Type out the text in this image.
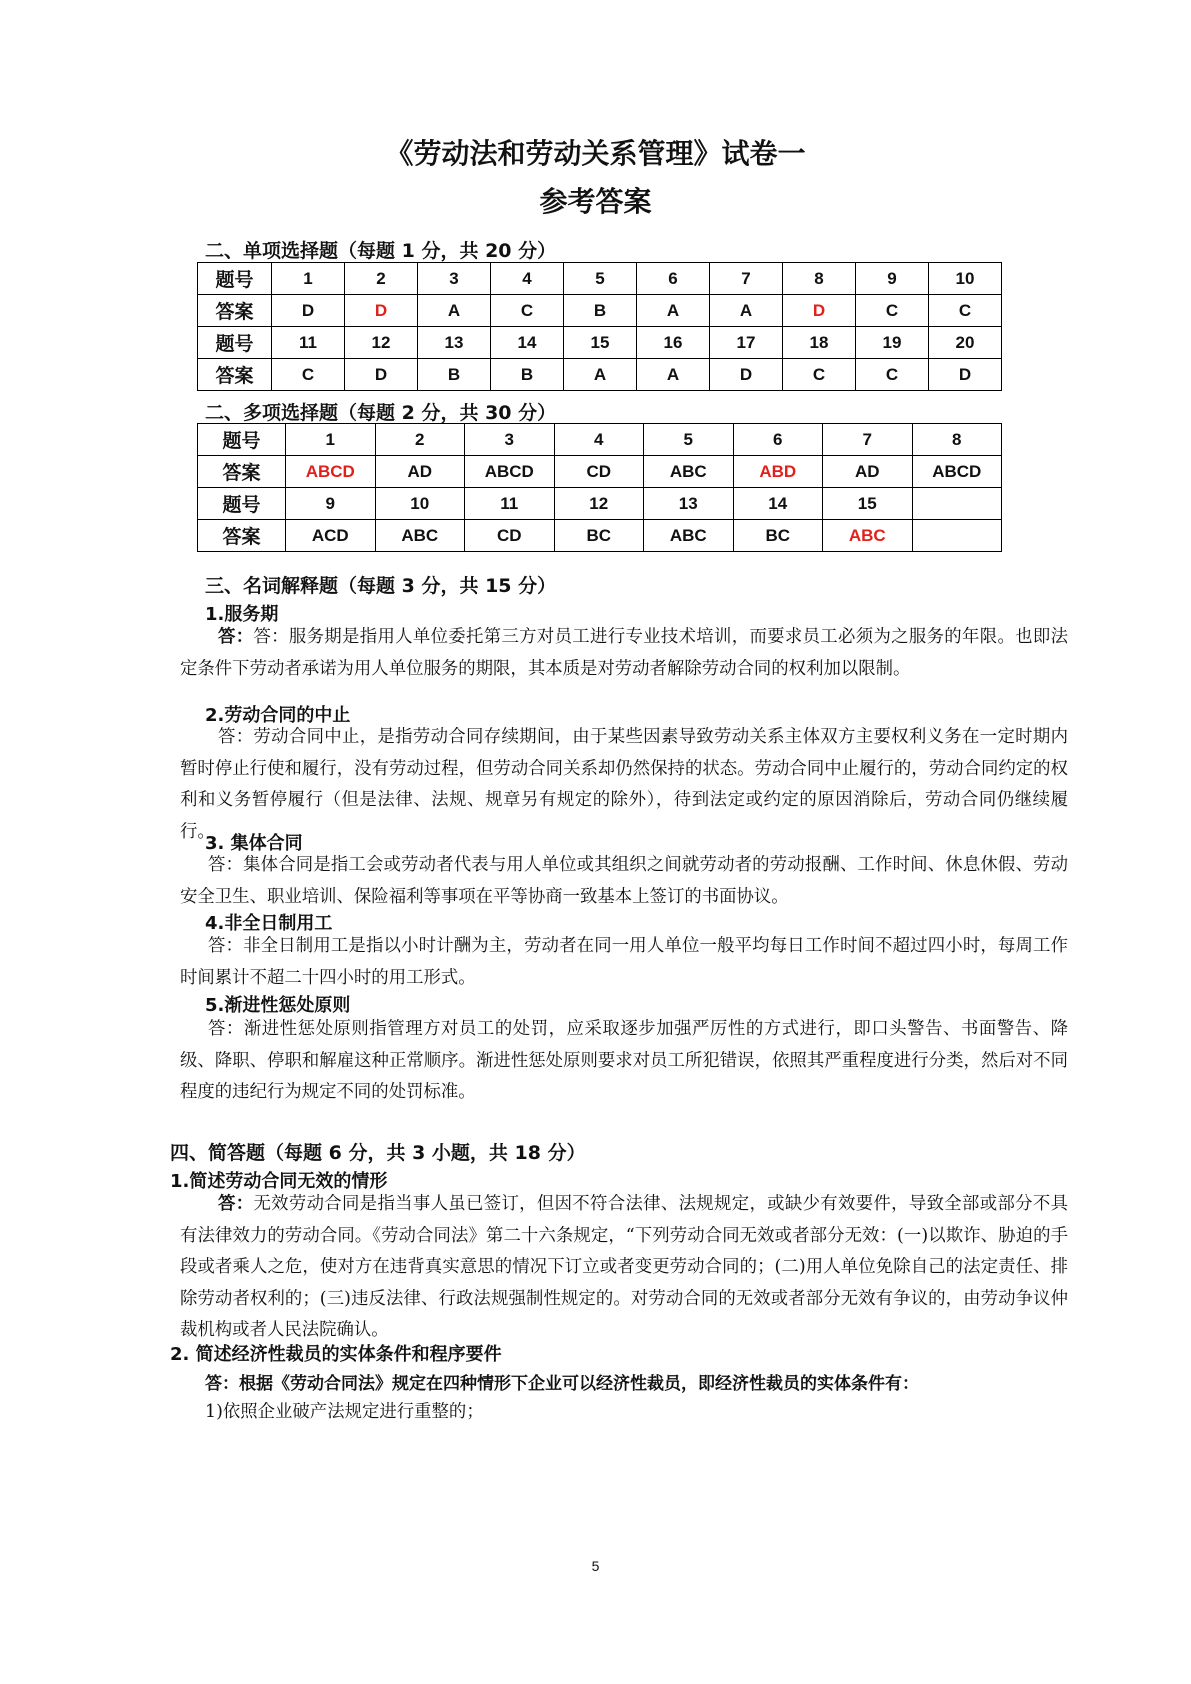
《劳动法和劳动关系管理》试卷一
参考答案
二、单项选择题（每题 1 分，共 20 分）
题号	1	2	3	4	5	6	7	8	9	10
答案	D	D	A	C	B	A	A	D	C	C
题号	11	12	13	14	15	16	17	18	19	20
答案	C	D	B	B	A	A	D	C	C	D
二、多项选择题（每题 2 分，共 30 分）
题号	1	2	3	4	5	6	7	8
答案	ABCD	AD	ABCD	CD	ABC	ABD	AD	ABCD
题号	9	10	11	12	13	14	15	
答案	ACD	ABC	CD	BC	ABC	BC	ABC	
三、名词解释题（每题 3 分，共 15 分）
1.服务期
答：答：服务期是指用人单位委托第三方对员工进行专业技术培训，而要求员工必须为之服务的年限。也即法定条件下劳动者承诺为用人单位服务的期限，其本质是对劳动者解除劳动合同的权利加以限制。
2.劳动合同的中止
答：劳动合同中止，是指劳动合同存续期间，由于某些因素导致劳动关系主体双方主要权利义务在一定时期内暂时停止行使和履行，没有劳动过程，但劳动合同关系却仍然保持的状态。劳动合同中止履行的，劳动合同约定的权利和义务暂停履行（但是法律、法规、规章另有规定的除外），待到法定或约定的原因消除后，劳动合同仍继续履行。
3. 集体合同
答：集体合同是指工会或劳动者代表与用人单位或其组织之间就劳动者的劳动报酬、工作时间、休息休假、劳动安全卫生、职业培训、保险福利等事项在平等协商一致基本上签订的书面协议。
4.非全日制用工
答：非全日制用工是指以小时计酬为主，劳动者在同一用人单位一般平均每日工作时间不超过四小时，每周工作时间累计不超二十四小时的用工形式。
5.渐进性惩处原则
答：渐进性惩处原则指管理方对员工的处罚，应采取逐步加强严厉性的方式进行，即口头警告、书面警告、降级、降职、停职和解雇这种正常顺序。渐进性惩处原则要求对员工所犯错误，依照其严重程度进行分类，然后对不同程度的违纪行为规定不同的处罚标准。
四、简答题（每题 6 分，共 3 小题，共 18 分）
1.简述劳动合同无效的情形
答：无效劳动合同是指当事人虽已签订，但因不符合法律、法规规定，或缺少有效要件，导致全部或部分不具有法律效力的劳动合同。《劳动合同法》第二十六条规定，“下列劳动合同无效或者部分无效：(一)以欺诈、胁迫的手段或者乘人之危，使对方在违背真实意思的情况下订立或者变更劳动合同的；(二)用人单位免除自己的法定责任、排除劳动者权利的；(三)违反法律、行政法规强制性规定的。对劳动合同的无效或者部分无效有争议的，由劳动争议仲裁机构或者人民法院确认。
2. 简述经济性裁员的实体条件和程序要件
答：根据《劳动合同法》规定在四种情形下企业可以经济性裁员，即经济性裁员的实体条件有：
1)依照企业破产法规定进行重整的；
5
